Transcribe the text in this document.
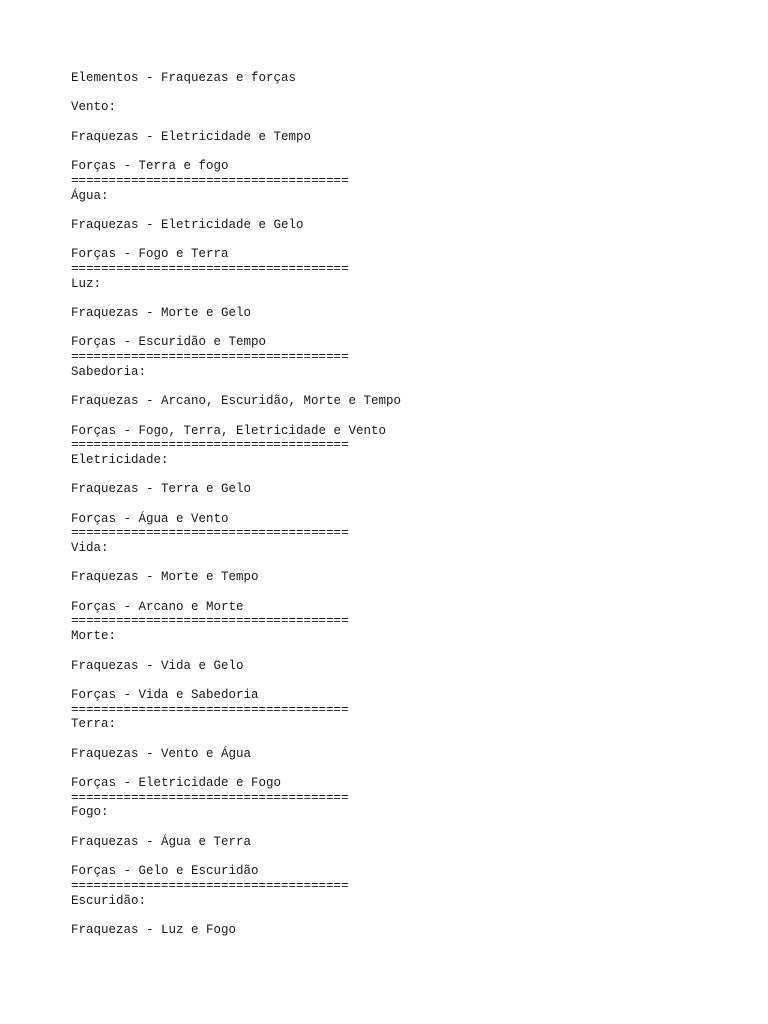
Elementos - Fraquezas e forças
Vento:
Fraquezas - Eletricidade e Tempo
Forças - Terra e fogo
=====================================
Água:
Fraquezas - Eletricidade e Gelo
Forças - Fogo e Terra
=====================================
Luz:
Fraquezas - Morte e Gelo
Forças - Escuridão e Tempo
=====================================
Sabedoria:
Fraquezas - Arcano, Escuridão, Morte e Tempo
Forças - Fogo, Terra, Eletricidade e Vento
=====================================
Eletricidade:
Fraquezas - Terra e Gelo
Forças - Água e Vento
=====================================
Vida:
Fraquezas - Morte e Tempo
Forças - Arcano e Morte
=====================================
Morte:
Fraquezas - Vida e Gelo
Forças - Vida e Sabedoria
=====================================
Terra:
Fraquezas - Vento e Água
Forças - Eletricidade e Fogo
=====================================
Fogo:
Fraquezas - Água e Terra
Forças - Gelo e Escuridão
=====================================
Escuridão:
Fraquezas - Luz e Fogo
